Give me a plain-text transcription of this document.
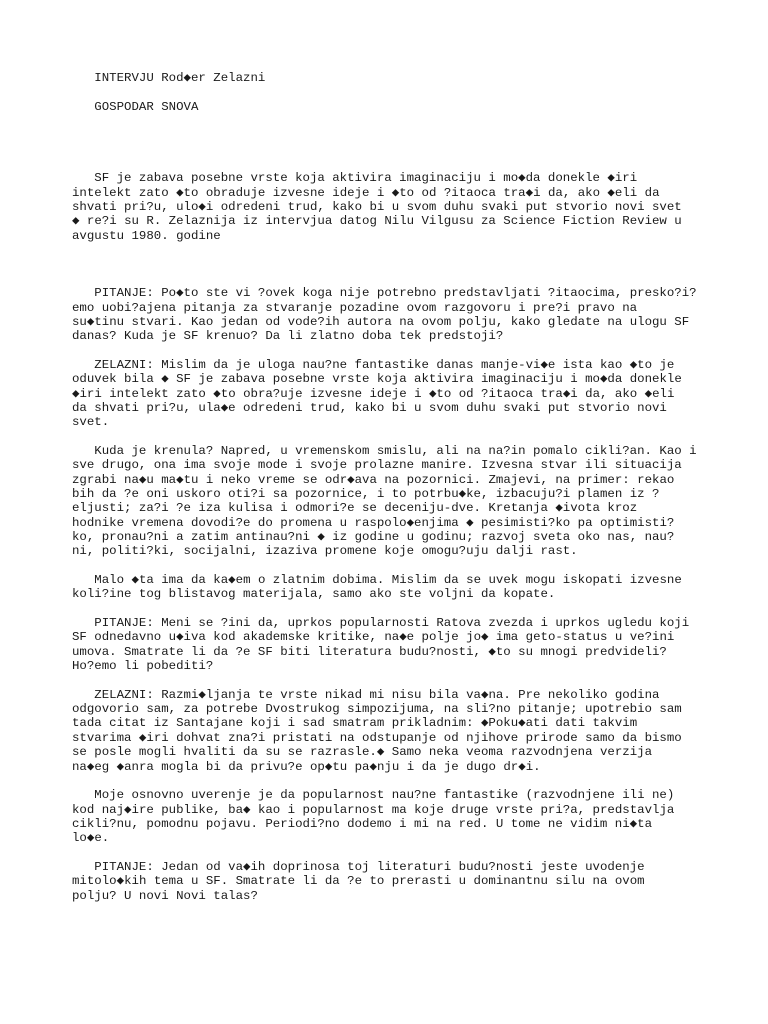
INTERVJU Rod◆er Zelazni
GOSPODAR SNOVA
SF je zabava posebne vrste koja aktivira imaginaciju i mo◆da donekle ◆iri
intelekt zato ◆to obraduje izvesne ideje i ◆to od ?itaoca tra◆i da, ako ◆eli da
shvati pri?u, ulo◆i odredeni trud, kako bi u svom duhu svaki put stvorio novi svet
◆ re?i su R. Zelaznija iz intervjua datog Nilu Vilgusu za Science Fiction Review u
avgustu 1980. godine
PITANJE: Po◆to ste vi ?ovek koga nije potrebno predstavljati ?itaocima, presko?i?
emo uobi?ajena pitanja za stvaranje pozadine ovom razgovoru i pre?i pravo na
su◆tinu stvari. Kao jedan od vode?ih autora na ovom polju, kako gledate na ulogu SF
danas? Kuda je SF krenuo? Da li zlatno doba tek predstoji?
ZELAZNI: Mislim da je uloga nau?ne fantastike danas manje-vi◆e ista kao ◆to je
oduvek bila ◆ SF je zabava posebne vrste koja aktivira imaginaciju i mo◆da donekle
◆iri intelekt zato ◆to obra?uje izvesne ideje i ◆to od ?itaoca tra◆i da, ako ◆eli
da shvati pri?u, ula◆e odredeni trud, kako bi u svom duhu svaki put stvorio novi
svet.
Kuda je krenula? Napred, u vremenskom smislu, ali na na?in pomalo cikli?an. Kao i
sve drugo, ona ima svoje mode i svoje prolazne manire. Izvesna stvar ili situacija
zgrabi na◆u ma◆tu i neko vreme se odr◆ava na pozornici. Zmajevi, na primer: rekao
bih da ?e oni uskoro oti?i sa pozornice, i to potrbu◆ke, izbacuju?i plamen iz ?
eljusti; za?i ?e iza kulisa i odmori?e se deceniju-dve. Kretanja ◆ivota kroz
hodnike vremena dovodi?e do promena u raspolo◆enjima ◆ pesimisti?ko pa optimisti?
ko, pronau?ni a zatim antinau?ni ◆ iz godine u godinu; razvoj sveta oko nas, nau?
ni, politi?ki, socijalni, izaziva promene koje omogu?uju dalji rast.
Malo ◆ta ima da ka◆em o zlatnim dobima. Mislim da se uvek mogu iskopati izvesne
koli?ine tog blistavog materijala, samo ako ste voljni da kopate.
PITANJE: Meni se ?ini da, uprkos popularnosti Ratova zvezda i uprkos ugledu koji
SF odnedavno u◆iva kod akademske kritike, na◆e polje jo◆ ima geto-status u ve?ini
umova. Smatrate li da ?e SF biti literatura budu?nosti, ◆to su mnogi predvideli?
Ho?emo li pobediti?
ZELAZNI: Razmi◆ljanja te vrste nikad mi nisu bila va◆na. Pre nekoliko godina
odgovorio sam, za potrebe Dvostrukog simpozijuma, na sli?no pitanje; upotrebio sam
tada citat iz Santajane koji i sad smatram prikladnim: ◆Poku◆ati dati takvim
stvarima ◆iri dohvat zna?i pristati na odstupanje od njihove prirode samo da bismo
se posle mogli hvaliti da su se razrasle.◆ Samo neka veoma razvodnjena verzija
na◆eg ◆anra mogla bi da privu?e op◆tu pa◆nju i da je dugo dr◆i.
Moje osnovno uverenje je da popularnost nau?ne fantastike (razvodnjene ili ne)
kod naj◆ire publike, ba◆ kao i popularnost ma koje druge vrste pri?a, predstavlja
cikli?nu, pomodnu pojavu. Periodi?no dodemo i mi na red. U tome ne vidim ni◆ta
lo◆e.
PITANJE: Jedan od va◆ih doprinosa toj literaturi budu?nosti jeste uvodenje
mitolo◆kih tema u SF. Smatrate li da ?e to prerasti u dominantnu silu na ovom
polju? U novi Novi talas?
